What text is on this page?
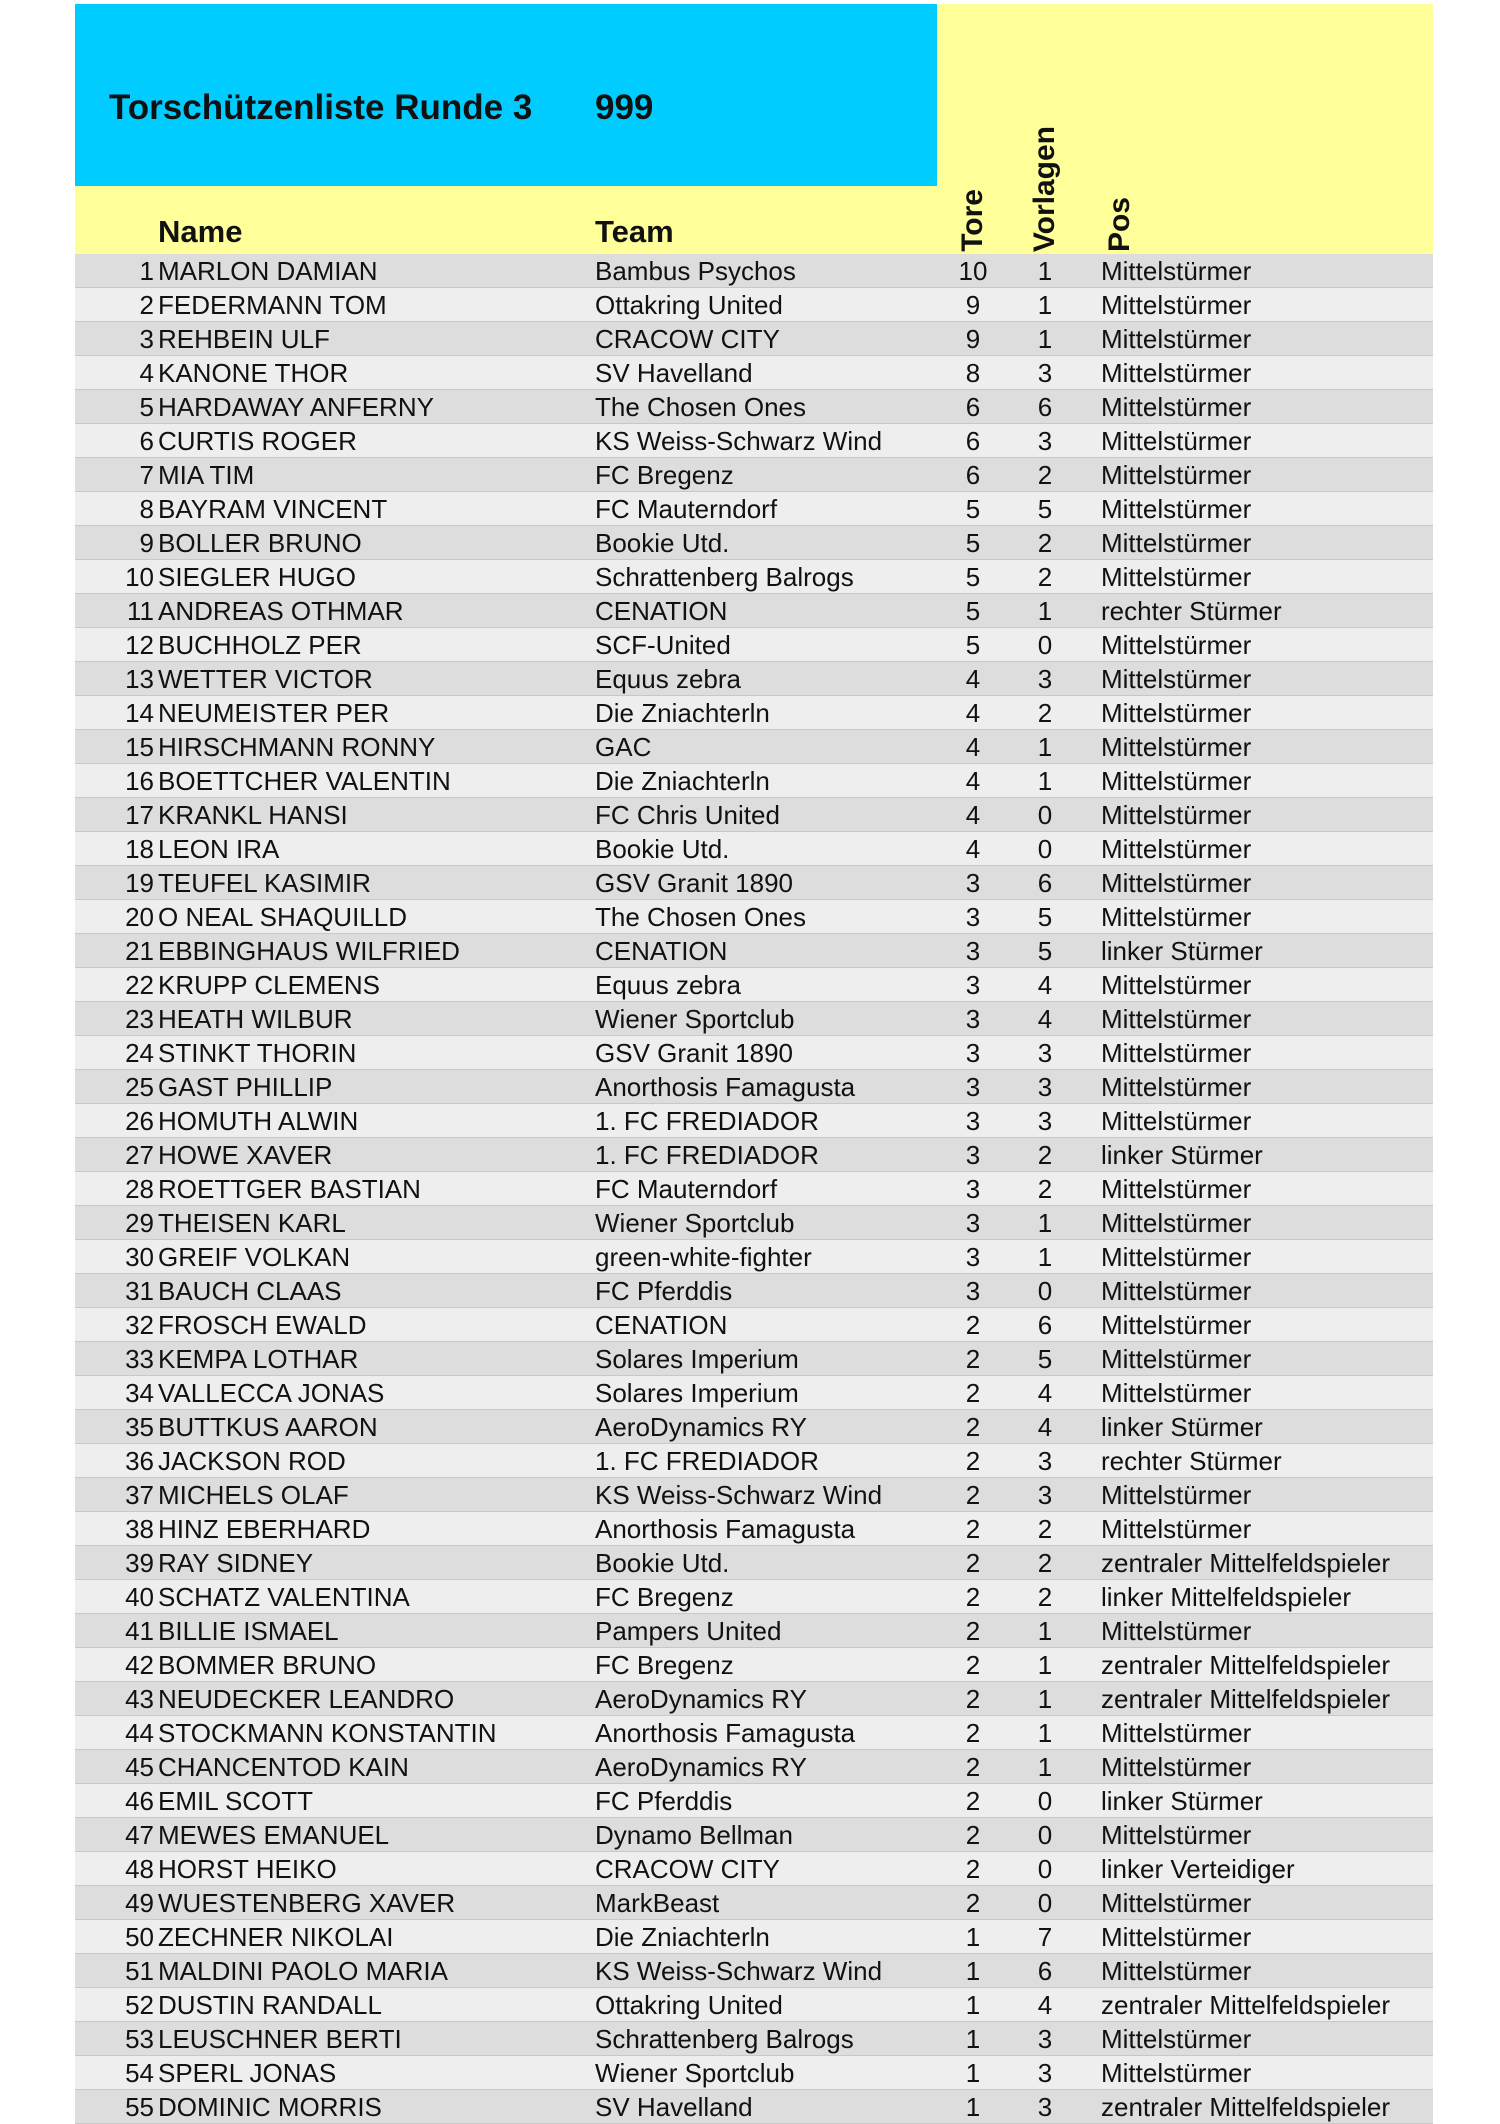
Torschützenliste Runde 3 999
Name	Team	Tore Vorlagen Pos
1 MARLON DAMIAN	Bambus Psychos	10	1	Mittelstürmer
2 FEDERMANN TOM	Ottakring United	9	1	Mittelstürmer
3 REHBEIN ULF	CRACOW CITY	9	1	Mittelstürmer
4 KANONE THOR	SV Havelland	8	3	Mittelstürmer
5 HARDAWAY ANFERNY	The Chosen Ones	6	6	Mittelstürmer
6 CURTIS ROGER	KS Weiss-Schwarz Wind	6	3	Mittelstürmer
7 MIA TIM	FC Bregenz	6	2	Mittelstürmer
8 BAYRAM VINCENT	FC Mauterndorf	5	5	Mittelstürmer
9 BOLLER BRUNO	Bookie Utd.	5	2	Mittelstürmer
10 SIEGLER HUGO	Schrattenberg Balrogs	5	2	Mittelstürmer
11 ANDREAS OTHMAR	CENATION	5	1	rechter Stürmer
12 BUCHHOLZ PER	SCF-United	5	0	Mittelstürmer
13 WETTER VICTOR	Equus zebra	4	3	Mittelstürmer
14 NEUMEISTER PER	Die Zniachterln	4	2	Mittelstürmer
15 HIRSCHMANN RONNY	GAC	4	1	Mittelstürmer
16 BOETTCHER VALENTIN	Die Zniachterln	4	1	Mittelstürmer
17 KRANKL HANSI	FC Chris United	4	0	Mittelstürmer
18 LEON IRA	Bookie Utd.	4	0	Mittelstürmer
19 TEUFEL KASIMIR	GSV Granit 1890	3	6	Mittelstürmer
20 O NEAL SHAQUILLD	The Chosen Ones	3	5	Mittelstürmer
21 EBBINGHAUS WILFRIED	CENATION	3	5	linker Stürmer
22 KRUPP CLEMENS	Equus zebra	3	4	Mittelstürmer
23 HEATH WILBUR	Wiener Sportclub	3	4	Mittelstürmer
24 STINKT THORIN	GSV Granit 1890	3	3	Mittelstürmer
25 GAST PHILLIP	Anorthosis Famagusta	3	3	Mittelstürmer
26 HOMUTH ALWIN	1. FC FREDIADOR	3	3	Mittelstürmer
27 HOWE XAVER	1. FC FREDIADOR	3	2	linker Stürmer
28 ROETTGER BASTIAN	FC Mauterndorf	3	2	Mittelstürmer
29 THEISEN KARL	Wiener Sportclub	3	1	Mittelstürmer
30 GREIF VOLKAN	green-white-fighter	3	1	Mittelstürmer
31 BAUCH CLAAS	FC Pferddis	3	0	Mittelstürmer
32 FROSCH EWALD	CENATION	2	6	Mittelstürmer
33 KEMPA LOTHAR	Solares Imperium	2	5	Mittelstürmer
34 VALLECCA JONAS	Solares Imperium	2	4	Mittelstürmer
35 BUTTKUS AARON	AeroDynamics RY	2	4	linker Stürmer
36 JACKSON ROD	1. FC FREDIADOR	2	3	rechter Stürmer
37 MICHELS OLAF	KS Weiss-Schwarz Wind	2	3	Mittelstürmer
38 HINZ EBERHARD	Anorthosis Famagusta	2	2	Mittelstürmer
39 RAY SIDNEY	Bookie Utd.	2	2	zentraler Mittelfeldspieler
40 SCHATZ VALENTINA	FC Bregenz	2	2	linker Mittelfeldspieler
41 BILLIE ISMAEL	Pampers United	2	1	Mittelstürmer
42 BOMMER BRUNO	FC Bregenz	2	1	zentraler Mittelfeldspieler
43 NEUDECKER LEANDRO	AeroDynamics RY	2	1	zentraler Mittelfeldspieler
44 STOCKMANN KONSTANTIN	Anorthosis Famagusta	2	1	Mittelstürmer
45 CHANCENTOD KAIN	AeroDynamics RY	2	1	Mittelstürmer
46 EMIL SCOTT	FC Pferddis	2	0	linker Stürmer
47 MEWES EMANUEL	Dynamo Bellman	2	0	Mittelstürmer
48 HORST HEIKO	CRACOW CITY	2	0	linker Verteidiger
49 WUESTENBERG XAVER	MarkBeast	2	0	Mittelstürmer
50 ZECHNER NIKOLAI	Die Zniachterln	1	7	Mittelstürmer
51 MALDINI PAOLO MARIA	KS Weiss-Schwarz Wind	1	6	Mittelstürmer
52 DUSTIN RANDALL	Ottakring United	1	4	zentraler Mittelfeldspieler
53 LEUSCHNER BERTI	Schrattenberg Balrogs	1	3	Mittelstürmer
54 SPERL JONAS	Wiener Sportclub	1	3	Mittelstürmer
55 DOMINIC MORRIS	SV Havelland	1	3	zentraler Mittelfeldspieler
